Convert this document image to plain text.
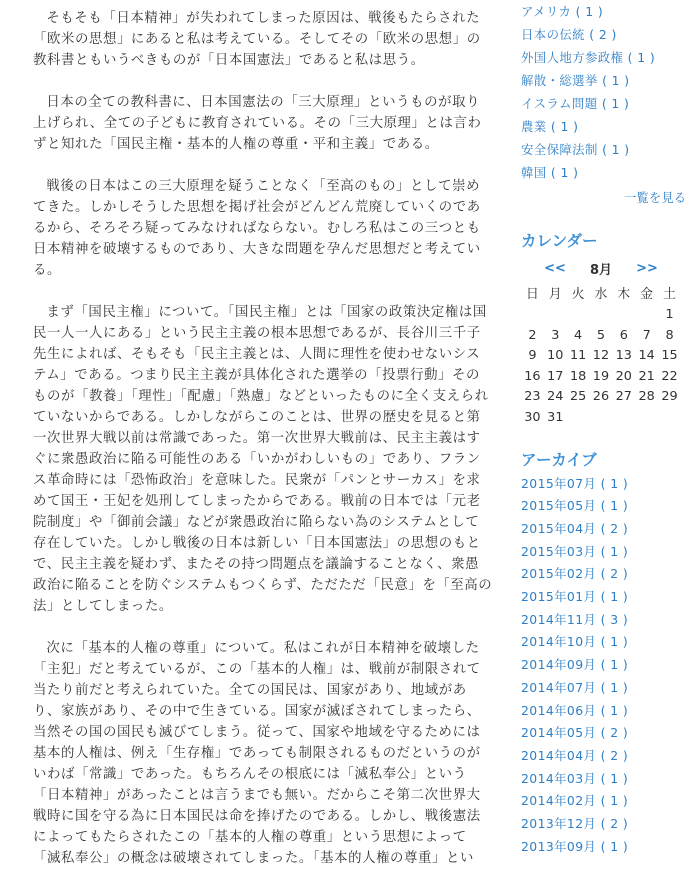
そもそも「日本精神」が失われてしまった原因は、戦後もたらされた「欧米の思想」にあると私は考えている。そしてその「欧米の思想」の教科書ともいうべきものが「日本国憲法」であると私は思う。

日本の全ての教科書に、日本国憲法の「三大原理」というものが取り上げられ、全ての子どもに教育されている。その「三大原理」とは言わずと知れた「国民主権・基本的人権の尊重・平和主義」である。

戦後の日本はこの三大原理を疑うことなく「至高のもの」として崇めてきた。しかしそうした思想を掲げ社会がどんどん荒廃していくのであるから、そろそろ疑ってみなければならない。むしろ私はこの三つとも日本精神を破壊するものであり、大きな問題を孕んだ思想だと考えている。

まず「国民主権」について。「国民主権」とは「国家の政策決定権は国民一人一人にある」という民主主義の根本思想であるが、長谷川三千子先生によれば、そもそも「民主主義とは、人間に理性を使わせないシステム」である。つまり民主主義が具体化された選挙の「投票行動」そのものが「教養」「理性」「配慮」「熟慮」などといったものに全く支えられていないからである。しかしながらこのことは、世界の歴史を見ると第一次世界大戦以前は常識であった。第一次世界大戦前は、民主主義はすぐに衆愚政治に陥る可能性のある「いかがわしいもの」であり、フランス革命時には「恐怖政治」を意味した。民衆が「パンとサーカス」を求めて国王・王妃を処刑してしまったからである。戦前の日本では「元老院制度」や「御前会議」などが衆愚政治に陥らない為のシステムとして存在していた。しかし戦後の日本は新しい「日本国憲法」の思想のもとで、民主主義を疑わず、またその持つ問題点を議論することなく、衆愚政治に陥ることを防ぐシステムもつくらず、ただただ「民意」を「至高の法」としてしまった。

次に「基本的人権の尊重」について。私はこれが日本精神を破壊した「主犯」だと考えているが、この「基本的人権」は、戦前が制限されて当たり前だと考えられていた。全ての国民は、国家があり、地域があり、家族があり、その中で生きている。国家が滅ぼされてしまったら、当然その国の国民も滅びてしまう。従って、国家や地域を守るためには基本的人権は、例え「生存権」であっても制限されるものだというのがいわば「常識」であった。もちろんその根底には「滅私奉公」という「日本精神」があったことは言うまでも無い。だからこそ第二次世界大戦時に国を守る為に日本国民は命を捧げたのである。しかし、戦後憲法によってもたらされたこの「基本的人権の尊重」という思想によって「滅私奉公」の概念は破壊されてしまった。「基本的人権の尊重」とい

アメリカ ( 1 )
日本の伝統 ( 2 )
外国人地方参政権 ( 1 )
解散・総選挙 ( 1 )
イスラム問題 ( 1 )
農業 ( 1 )
安全保障法制 ( 1 )
韓国 ( 1 )
一覧を見る
カレンダー
<<	8月	>>
日	月	火	水	木	金	土
						1
2	3	4	5	6	7	8
9	10	11	12	13	14	15
16	17	18	19	20	21	22
23	24	25	26	27	28	29
30	31					
アーカイブ
2015年07月 ( 1 )
2015年05月 ( 1 )
2015年04月 ( 2 )
2015年03月 ( 1 )
2015年02月 ( 2 )
2015年01月 ( 1 )
2014年11月 ( 3 )
2014年10月 ( 1 )
2014年09月 ( 1 )
2014年07月 ( 1 )
2014年06月 ( 1 )
2014年05月 ( 2 )
2014年04月 ( 2 )
2014年03月 ( 1 )
2014年02月 ( 1 )
2013年12月 ( 2 )
2013年09月 ( 1 )
